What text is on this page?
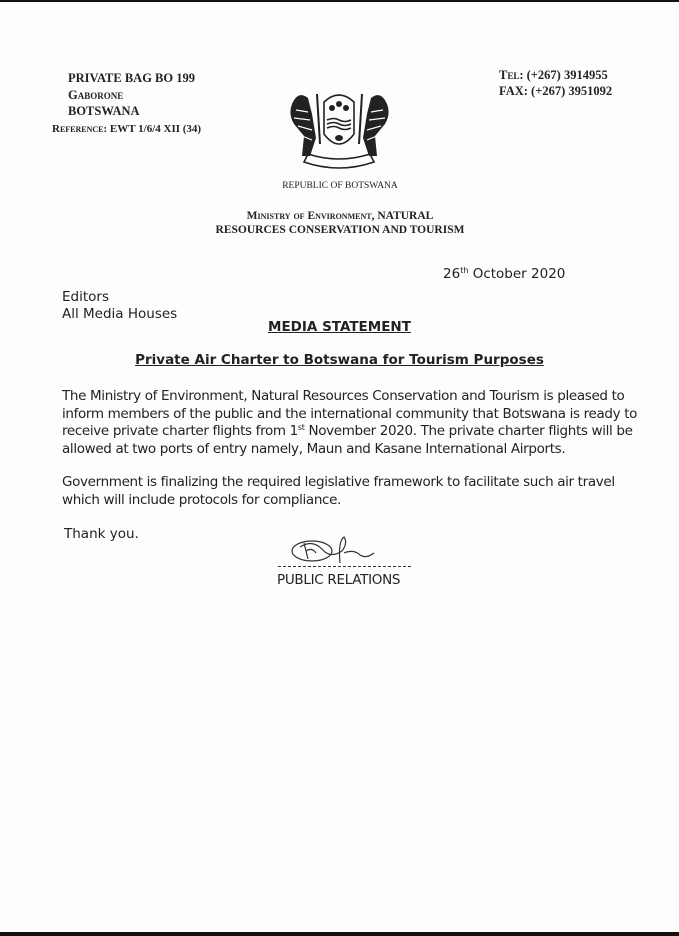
PRIVATE BAG BO 199
Gaborone
BOTSWANA
Reference: EWT 1/6/4 XII (34)
Tel: (+267) 3914955
FAX: (+267) 3951092
REPUBLIC OF BOTSWANA
Ministry of Environment, NATURAL
RESOURCES CONSERVATION AND TOURISM
26th October 2020
Editors
All Media Houses
MEDIA STATEMENT
Private Air Charter to Botswana for Tourism Purposes
The Ministry of Environment, Natural Resources Conservation and Tourism is pleased to
inform members of the public and the international community that Botswana is ready to
receive private charter flights from 1st November 2020. The private charter flights will be
allowed at two ports of entry namely, Maun and Kasane International Airports.
Government is finalizing the required legislative framework to facilitate such air travel
which will include protocols for compliance.
Thank you.
PUBLIC RELATIONS
